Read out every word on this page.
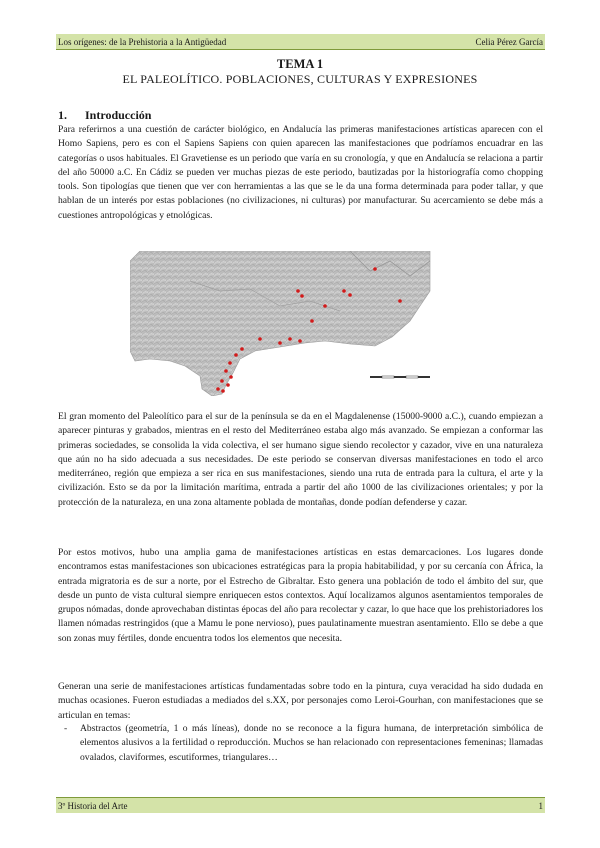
Los orígenes: de la Prehistoria a la Antigüedad	Celia Pérez García
TEMA 1
EL PALEOLÍTICO. POBLACIONES, CULTURAS Y EXPRESIONES
1. Introducción

Para referirnos a una cuestión de carácter biológico, en Andalucía las primeras manifestaciones artísticas aparecen con el Homo Sapiens, pero es con el Sapiens Sapiens con quien aparecen las manifestaciones que podríamos encuadrar en las categorías o usos habituales. El Gravetiense es un periodo que varía en su cronología, y que en Andalucía se relaciona a partir del año 50000 a.C. En Cádiz se pueden ver muchas piezas de este periodo, bautizadas por la historiografía como chopping tools. Son tipologías que tienen que ver con herramientas a las que se le da una forma determinada para poder tallar, y que hablan de un interés por estas poblaciones (no civilizaciones, ni culturas) por manufacturar. Su acercamiento se debe más a cuestiones antropológicas y etnológicas.

El gran momento del Paleolítico para el sur de la península se da en el Magdalenense (15000-9000 a.C.), cuando empiezan a aparecer pinturas y grabados, mientras en el resto del Mediterráneo estaba algo más avanzado. Se empiezan a conformar las primeras sociedades, se consolida la vida colectiva, el ser humano sigue siendo recolector y cazador, vive en una naturaleza que aún no ha sido adecuada a sus necesidades. De este periodo se conservan diversas manifestaciones en todo el arco mediterráneo, región que empieza a ser rica en sus manifestaciones, siendo una ruta de entrada para la cultura, el arte y la civilización. Esto se da por la limitación marítima, entrada a partir del año 1000 de las civilizaciones orientales; y por la protección de la naturaleza, en una zona altamente poblada de montañas, donde podían defenderse y cazar.

Por estos motivos, hubo una amplia gama de manifestaciones artísticas en estas demarcaciones. Los lugares donde encontramos estas manifestaciones son ubicaciones estratégicas para la propia habitabilidad, y por su cercanía con África, la entrada migratoria es de sur a norte, por el Estrecho de Gibraltar. Esto genera una población de todo el ámbito del sur, que desde un punto de vista cultural siempre enriquecen estos contextos. Aquí localizamos algunos asentamientos temporales de grupos nómadas, donde aprovechaban distintas épocas del año para recolectar y cazar, lo que hace que los prehistoriadores los llamen nómadas restringidos (que a Mamu le pone nervioso), pues paulatinamente muestran asentamiento. Ello se debe a que son zonas muy fértiles, donde encuentra todos los elementos que necesita.

Generan una serie de manifestaciones artísticas fundamentadas sobre todo en la pintura, cuya veracidad ha sido dudada en muchas ocasiones. Fueron estudiadas a mediados del s.XX, por personajes como Leroi-Gourhan, con manifestaciones que se articulan en temas:

-	Abstractos (geometría, 1 o más líneas), donde no se reconoce a la figura humana, de interpretación simbólica de elementos alusivos a la fertilidad o reproducción. Muchos se han relacionado con representaciones femeninas; llamadas ovalados, claviformes, escutiformes, triangulares…
3º Historia del Arte	1
